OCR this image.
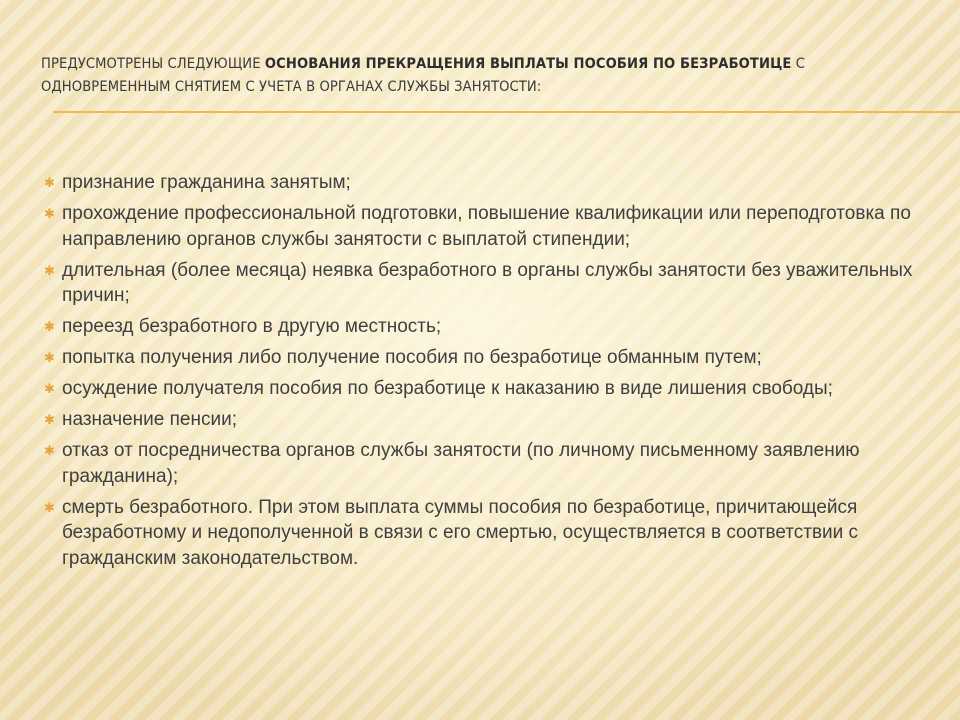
ПРЕДУСМОТРЕНЫ СЛЕДУЮЩИЕ ОСНОВАНИЯ ПРЕКРАЩЕНИЯ ВЫПЛАТЫ ПОСОБИЯ ПО БЕЗРАБОТИЦЕ С ОДНОВРЕМЕННЫМ СНЯТИЕМ С УЧЕТА В ОРГАНАХ СЛУЖБЫ ЗАНЯТОСТИ:

✱ признание гражданина занятым;
✱ прохождение профессиональной подготовки, повышение квалификации или переподготовка по направлению органов службы занятости с выплатой стипендии;
✱ длительная (более месяца) неявка безработного в органы службы занятости без уважительных причин;
✱ переезд безработного в другую местность;
✱ попытка получения либо получение пособия по безработице обманным путем;
✱ осуждение получателя пособия по безработице к наказанию в виде лишения свободы;
✱ назначение пенсии;
✱ отказ от посредничества органов службы занятости (по личному письменному заявлению гражданина);
✱ смерть безработного. При этом выплата суммы пособия по безработице, причитающейся безработному и недополученной в связи с его смертью, осуществляется в соответствии с гражданским законодательством.
